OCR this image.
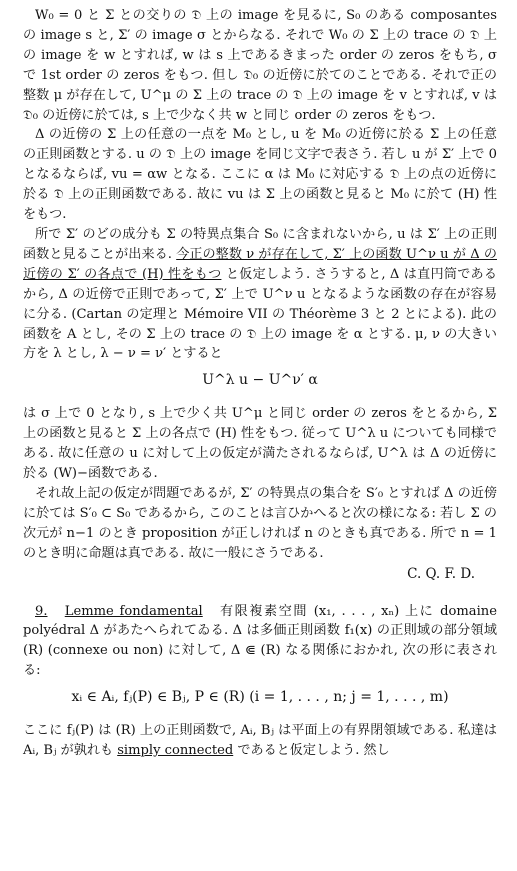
W₀ = 0 と Σ との交りの 𝔇 上の image を見るに, S₀ のある composantes の image s と, Σ′ の image σ とからなる. それで W₀ の Σ 上の trace の 𝔇 上の image を w とすれば, w は s 上であるきまった order の zeros をもち, σ で 1st order の zeros をもつ. 但し 𝔇₀ の近傍に於てのことである. それで正の整数 μ が存在して, U^μ の Σ 上の trace の 𝔇 上の image を v とすれば, v は 𝔇₀ の近傍に於ては, s 上で少なく共 w と同じ order の zeros をもつ.

Δ の近傍の Σ 上の任意の一点を M₀ とし, u を M₀ の近傍に於る Σ 上の任意の正則函数とする. u の 𝔇 上の image を同じ文字で表さう. 若し u が Σ′ 上で 0 となるならば, vu = αw となる. ここに α は M₀ に対応する 𝔇 上の点の近傍に於る 𝔇 上の正則函数である. 故に vu は Σ 上の函数と見ると M₀ に於て (H) 性をもつ.

所で Σ′ のどの成分も Σ の特異点集合 S₀ に含まれないから, u は Σ′ 上の正則函数と見ることが出来る. 今正の整数 ν が存在して, Σ′ 上の函数 U^ν u が Δ の近傍の Σ′ の各点で (H) 性をもつ と仮定しよう. さうすると, Δ は直円筒であるから, Δ の近傍で正則であって, Σ′ 上で U^ν u となるような函数の存在が容易に分る. (Cartan の定理と Mémoire VII の Théorème 3 と 2 とによる). 此の函数を A とし, その Σ 上の trace の 𝔇 上の image を α とする. μ, ν の大きい方を λ とし, λ − ν = ν′ とすると

U^λ u − U^ν′ α

は σ 上で 0 となり, s 上で少く共 U^μ と同じ order の zeros をとるから, Σ 上の函数と見ると Σ 上の各点で (H) 性をもつ. 従って U^λ u についても同様である. 故に任意の u に対して上の仮定が満たされるならば, U^λ は Δ の近傍に於る (W)−函数である.

それ故上記の仮定が問題であるが, Σ′ の特異点の集合を S′₀ とすれば Δ の近傍に於ては S′₀ ⊂ S₀ であるから, このことは言ひかへると次の様になる: 若し Σ の次元が n−1 のとき proposition が正しければ n のときも真である. 所で n = 1 のとき明に命題は真である. 故に一般にさうである.

C. Q. F. D.

9. Lemme fondamental 有限複素空間 (x₁, . . . , xₙ) 上に domaine polyédral Δ があたへられてゐる. Δ は多価正則函数 f₁(x) の正則域の部分領域 (R) (connexe ou non) に対して, Δ ⋐ (R) なる関係におかれ, 次の形に表される:

xᵢ ∈ Aᵢ, fⱼ(P) ∈ Bⱼ, P ∈ (R) (i = 1, . . . , n; j = 1, . . . , m)

ここに fⱼ(P) は (R) 上の正則函数で, Aᵢ, Bⱼ は平面上の有界閉領域である. 私達は Aᵢ, Bⱼ が孰れも simply connected であると仮定しよう. 然し
